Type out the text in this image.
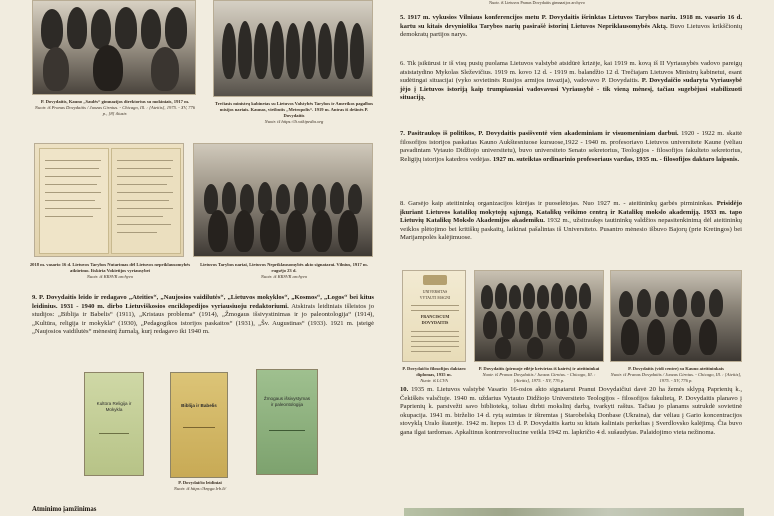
Nuotr. iš Lietuvos Pranas Dovydaitis gimnazijos archyvo
P. Dovydaitis, Kauno „Saulės“ gimnazijos direktorius su mokiniais, 1917 m.
Nuotr. iš Pranas Dovydaitis / Juozas Girnius. - Chicago, Ill. : [Ateitis], 1975. - XV, 776 p., [8] iliustr.
Trečiasis ministrų kabinetas su Lietuvos Valstybės Tarybos ir Amerikos pagalbos misijos nariais. Kaunas, viešbutis „Metropolis“. 1919 m. Antras iš dešinės P. Dovydaitis
Nuotr. iš https://lt.wikipedia.org
2018 m. vasario 16 d. Lietuvos Tarybos Nutarimas dėl Lietuvos nepriklausomybės atkūrimo. Išskiria Vokietijos vyriausybei
Nuotr. iš KRSVR archyvo
Lietuvos Tarybos nariai, Lietuvos Nepriklausomybės akto signatarai. Vilnius, 1917 m. rugsėjo 23 d.
Nuotr. iš KRSVR archyvo
9. P. Dovydaitis leido ir redagavo „Ateities“, „Naujosios vaidilutės“, „Lietuvos mokyklos“, „Kosmos“, „Logos“ bei kitus leidinius. 1931 - 1940 m. dirbo Lietuviškosios enciklopedijos vyriausiuoju redaktoriumi. Atskirais leidiniais išleistos jo studijos: „Biblija ir Babelis“ (1911), „Kristaus problema“ (1914), „Žmogaus išsivystinimas ir jo paleontologija“ (1914), „Kultūra, religija ir mokykla“ (1930), „Pedagogikos istorijos paskaitos“ (1931), „Šv. Augustinas“ (1933). 1921 m. įsteigė „Naujosios vaidilutės“ mėnesinį žurnalą, kurį redagavo iki 1940 m.
Kultūra Religija ir Mokykla
Biblija ir Babelis
Žmogaus išsivystymas ir paleontologija
P. Dovydaičio leidiniai
Nuotr. iš https://knyga.lrb.lt/
Atminimo įamžinimas
5. 1917 m. vykusios Vilniaus konferencijos metu P. Dovydaitis išrinktas Lietuvos Tarybos nariu. 1918 m. vasario 16 d. kartu su kitais devyniolika Tarybos narių pasirašė istorinį Lietuvos Nepriklausomybės Aktą. Buvo Lietuvos krikščionių demokratų partijos narys.
6. Tik įsikūrusi ir iš visų pusių puolama Lietuvos valstybė atsidūrė krizėje, kai 1919 m. kovą iš II Vyriausybės vadovo pareigų atsistatydino Mykolas Sleževičius. 1919 m. kovo 12 d. - 1919 m. balandžio 12 d. Trečiajam Lietuvos Ministrų kabinetui, esant sudėtingai situacijai (vyko sovietinės Rusijos armijos invazija), vadovavo P. Dovydaitis. P. Dovydaičio sudaryta Vyriausybė jėjo į Lietuvos istoriją kaip trumpiausiai vadovavusi Vyriausybė - tik vieną mėnesį, tačiau sugebėjusi stabilizuoti situaciją.
7. Pasitraukęs iš politikos, P. Dovydaitis pasišventė vien akademiniam ir visuomeniniam darbui. 1920 - 1922 m. skaitė filosofijos istorijos paskaitas Kauno Aukštesniuose kursuose,1922 - 1940 m. profesoriavo Lietuvos universitete Kaune (vėliau pavadintam Vytauto Didžiojo universitetu), buvo universiteto Senato sekretorius, Teologijos - filosofijos fakulteto sekretorius, Religijų istorijos katedros vedėjas. 1927 m. suteiktas ordinarinio profesoriaus vardas, 1935 m. - filosofijos daktaro laipsnis.
8. Garsėjo kaip ateitininkų organizacijos kūrėjas ir puoselėtojas. Nuo 1927 m. - ateitininkų garbės pirmininkas. Prisidėjo įkuriant Lietuvos katalikų mokytojų sąjungą, Katalikų veikimo centrą ir Katalikų mokslo akademiją. 1933 m. tapo Lietuvių Katalikų Mokslo Akademijos akademiku. 1932 m., užsitraukęs tautininkų valdžios nepasitenkinimą dėl ateitininkų veiklos plėtojimo bei kritiškų paskaitų, laikinai pašalintas iš Universiteto. Pusantro mėnesio išbuvo Bajorų (prie Kretingos) bei Marijampolės kalėjimuose.
UNIVERSITAS
VYTAUTI MAGNI
FRANCISCUM
DOVYDAITIS
P. Dovydaičio filosofijos daktaro diplomas, 1935 m.
Nuotr. iš LCVA
P. Dovydaitis (pirmoje eilėje ketvirtas iš kairės) ir ateitininkai
Nuotr. iš Pranas Dovydaitis / Juozas Girnius. - Chicago, Ill. : [Ateitis], 1975. - XV, 776 p.
P. Dovydaitis (vidi centre) su Kauno ateitininkais
Nuotr. iš Pranas Dovydaitis / Juozas Girnius. - Chicago, Ill. : [Ateitis], 1975. - XV, 776 p.
10. 1935 m. Lietuvos valstybė Vasario 16-osios akto signatarui Pranui Dovydaičiui davė 20 ha žemės sklypą Paprienių k., Čekiškės valsčiuje. 1940 m. uždarius Vytauto Didžiojo Universiteto Teologijos - filosofijos fakultetą, P. Dovydaitis planavo į Paprienių k. parsivežti savo biblioteką, toliau dirbti mokslinį darbą, tvarkyti raštus. Tačiau jo planams sutrukdė sovietinė okupacija. 1941 m. birželio 14 d. rytą suimtas ir ištremtas į Starobelską Donbase (Ukraina), dar vėliau į Gario koncentracijos stovyklą Uralo šiaurėje. 1942 m. liepos 13 d. P. Dovydaitis kartu su kitais kaliniais perkeltas į Sverdlovsko kalėjimą. Čia buvo gana ilgai tardomas. Apkaltinus kontrrevoliucine veikla 1942 m. lapkričio 4 d. sušaudytas. Palaidojimo vieta nežinoma.
